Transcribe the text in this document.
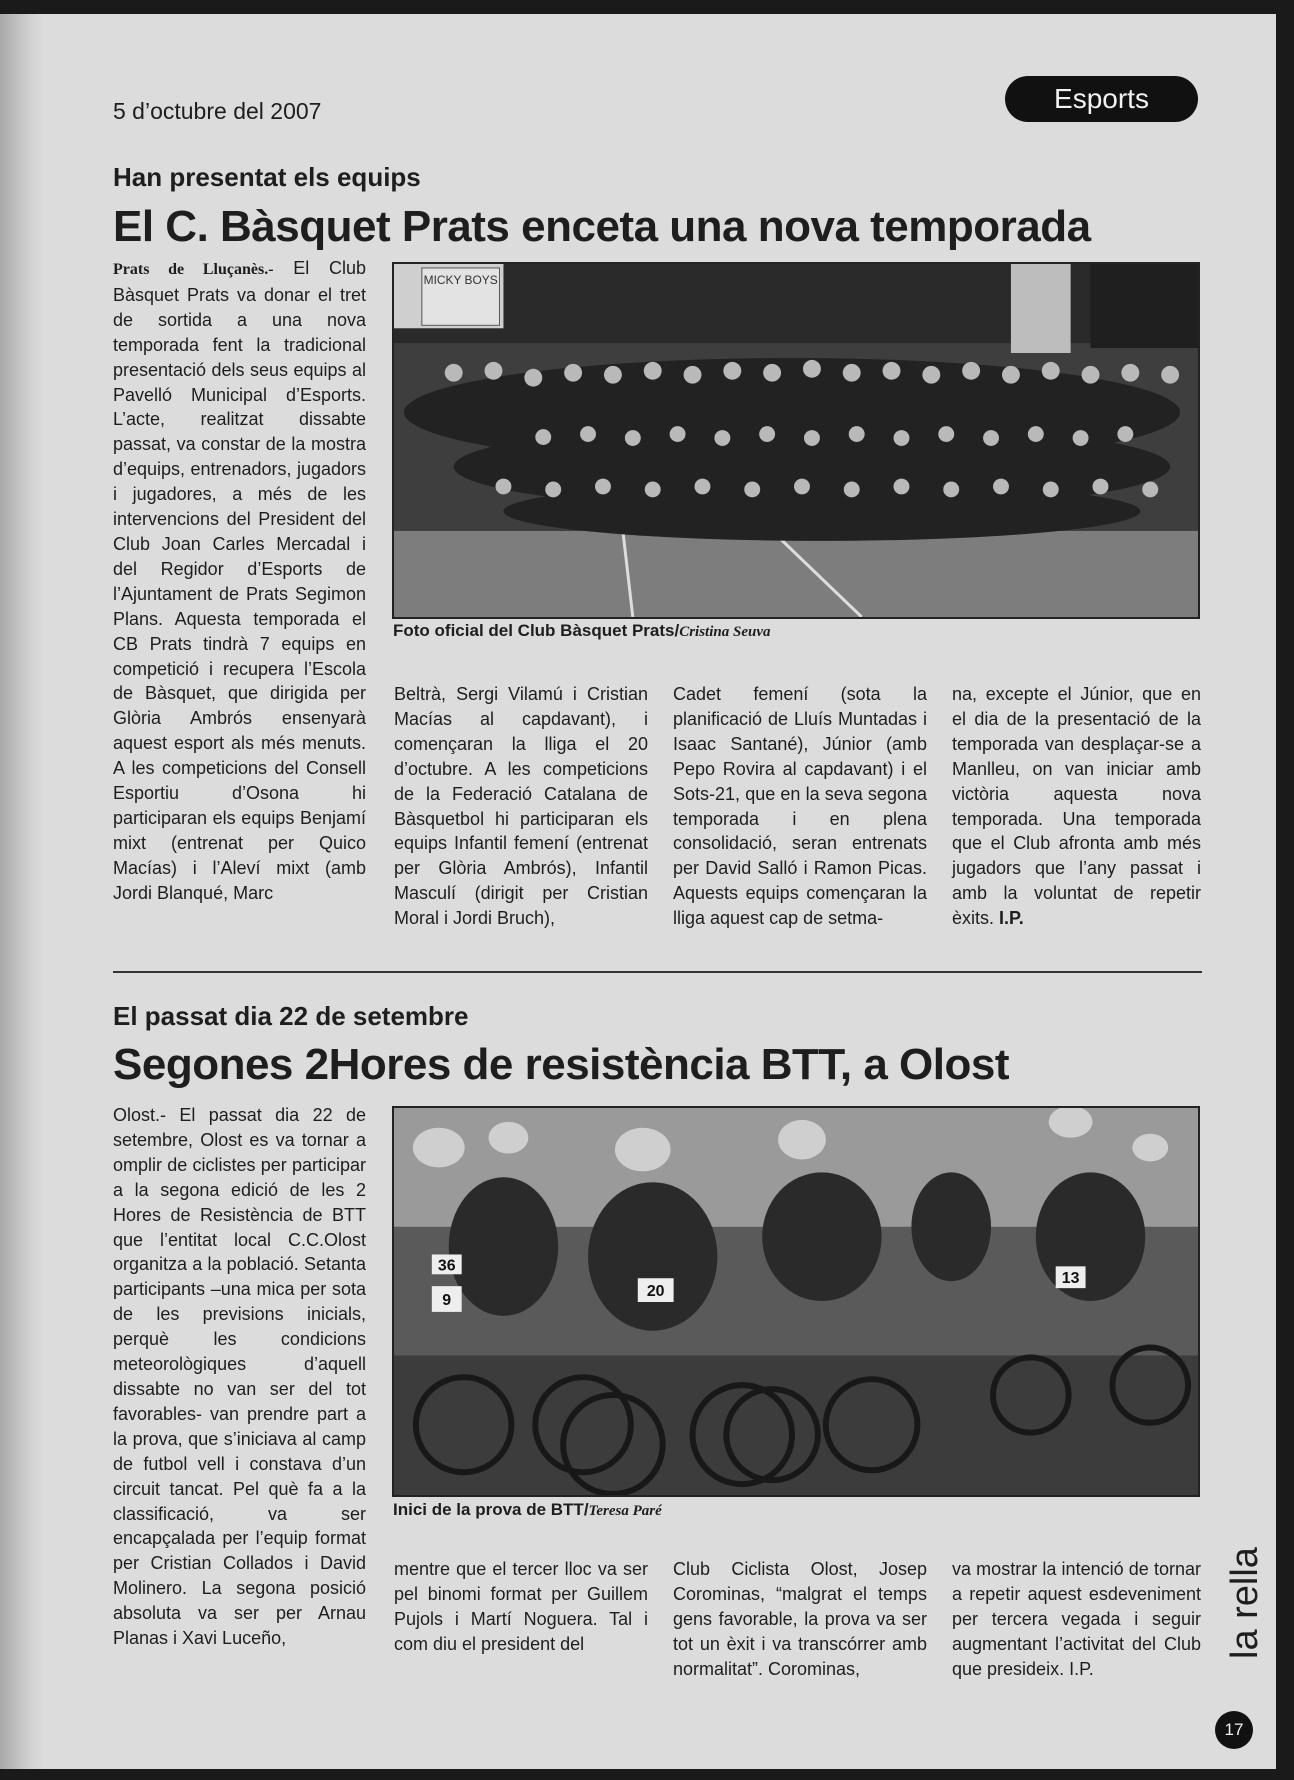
5 d’octubre del 2007	Esports
Han presentat els equips
El C. Bàsquet Prats enceta una nova temporada

Prats de Lluçanès.- El Club Bàsquet Prats va donar el tret de sortida a una nova temporada fent la tradicional presentació dels seus equips al Pavelló Municipal d’Esports. L’acte, realitzat dissabte passat, va constar de la mostra d’equips, entrenadors, jugadors i jugadores, a més de les intervencions del President del Club Joan Carles Mercadal i del Regidor d’Esports de l’Ajuntament de Prats Segimon Plans. Aquesta temporada el CB Prats tindrà 7 equips en competició i recupera l’Escola de Bàsquet, que dirigida per Glòria Ambrós ensenyarà aquest esport als més menuts. A les competicions del Consell Esportiu d’Osona hi participaran els equips Benjamí mixt (entrenat per Quico Macías) i l’Aleví mixt (amb Jordi Blanqué, Marc

MICKY BOYS
Foto oficial del Club Bàsquet Prats/Cristina Seuva

Beltrà, Sergi Vilamú i Cristian Macías al capdavant), i començaran la lliga el 20 d’octubre. A les competicions de la Federació Catalana de Bàsquetbol hi participaran els equips Infantil femení (entrenat per Glòria Ambrós), Infantil Masculí (dirigit per Cristian Moral i Jordi Bruch),

Cadet femení (sota la planificació de Lluís Muntadas i Isaac Santané), Júnior (amb Pepo Rovira al capdavant) i el Sots-21, que en la seva segona temporada i en plena consolidació, seran entrenats per David Salló i Ramon Picas. Aquests equips començaran la lliga aquest cap de setma-

na, excepte el Júnior, que en el dia de la presentació de la temporada van desplaçar-se a Manlleu, on van iniciar amb victòria aquesta nova temporada. Una temporada que el Club afronta amb més jugadors que l’any passat i amb la voluntat de repetir èxits. I.P.

El passat dia 22 de setembre
Segones 2Hores de resistència BTT, a Olost

Olost.- El passat dia 22 de setembre, Olost es va tornar a omplir de ciclistes per participar a la segona edició de les 2 Hores de Resistència de BTT que l’entitat local C.C.Olost organitza a la població. Setanta participants –una mica per sota de les previsions inicials, perquè les condicions meteorològiques d’aquell dissabte no van ser del tot favorables- van prendre part a la prova, que s’iniciava al camp de futbol vell i constava d’un circuit tancat. Pel què fa a la classificació, va ser encapçalada per l’equip format per Cristian Collados i David Molinero. La segona posició absoluta va ser per Arnau Planas i Xavi Luceño,

36
9
20
13
Inici de la prova de BTT/Teresa Paré

mentre que el tercer lloc va ser pel binomi format per Guillem Pujols i Martí Noguera. Tal i com diu el president del

Club Ciclista Olost, Josep Corominas, “malgrat el temps gens favorable, la prova va ser tot un èxit i va transcórrer amb normalitat”. Corominas,

va mostrar la intenció de tornar a repetir aquest esdeveniment per tercera vegada i seguir augmentant l’activitat del Club que presideix. I.P.

la rella
17
